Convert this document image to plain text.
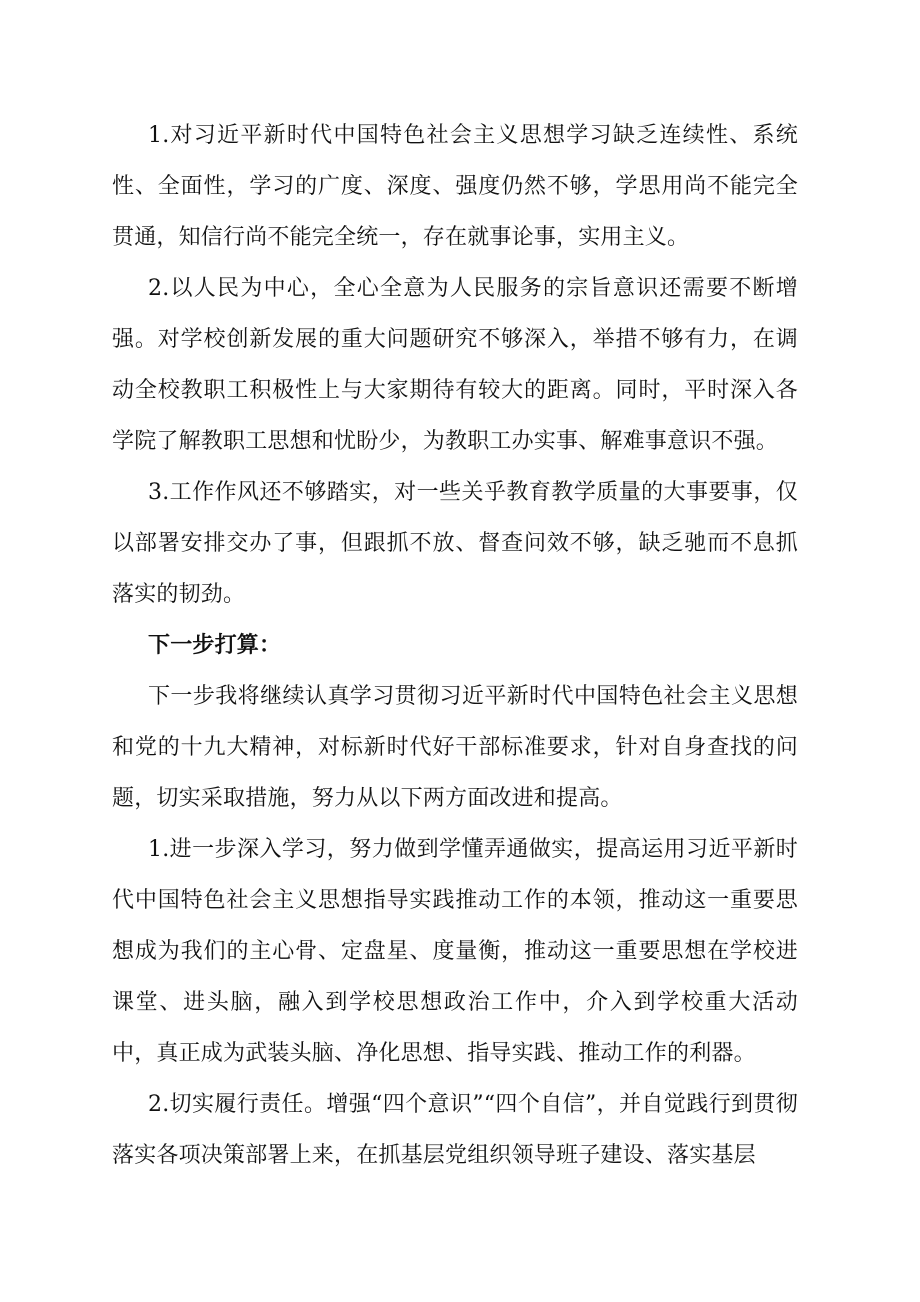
1.对习近平新时代中国特色社会主义思想学习缺乏连续性、系统性、全面性，学习的广度、深度、强度仍然不够，学思用尚不能完全贯通，知信行尚不能完全统一，存在就事论事，实用主义。

2.以人民为中心，全心全意为人民服务的宗旨意识还需要不断增强。对学校创新发展的重大问题研究不够深入，举措不够有力，在调动全校教职工积极性上与大家期待有较大的距离。同时，平时深入各学院了解教职工思想和忧盼少，为教职工办实事、解难事意识不强。

3.工作作风还不够踏实，对一些关乎教育教学质量的大事要事，仅以部署安排交办了事，但跟抓不放、督查问效不够，缺乏驰而不息抓落实的韧劲。

下一步打算：

下一步我将继续认真学习贯彻习近平新时代中国特色社会主义思想和党的十九大精神，对标新时代好干部标准要求，针对自身查找的问题，切实采取措施，努力从以下两方面改进和提高。

1.进一步深入学习，努力做到学懂弄通做实，提高运用习近平新时代中国特色社会主义思想指导实践推动工作的本领，推动这一重要思想成为我们的主心骨、定盘星、度量衡，推动这一重要思想在学校进课堂、进头脑，融入到学校思想政治工作中，介入到学校重大活动中，真正成为武装头脑、净化思想、指导实践、推动工作的利器。

2.切实履行责任。增强“四个意识”“四个自信”，并自觉践行到贯彻落实各项决策部署上来，在抓基层党组织领导班子建设、落实基层
